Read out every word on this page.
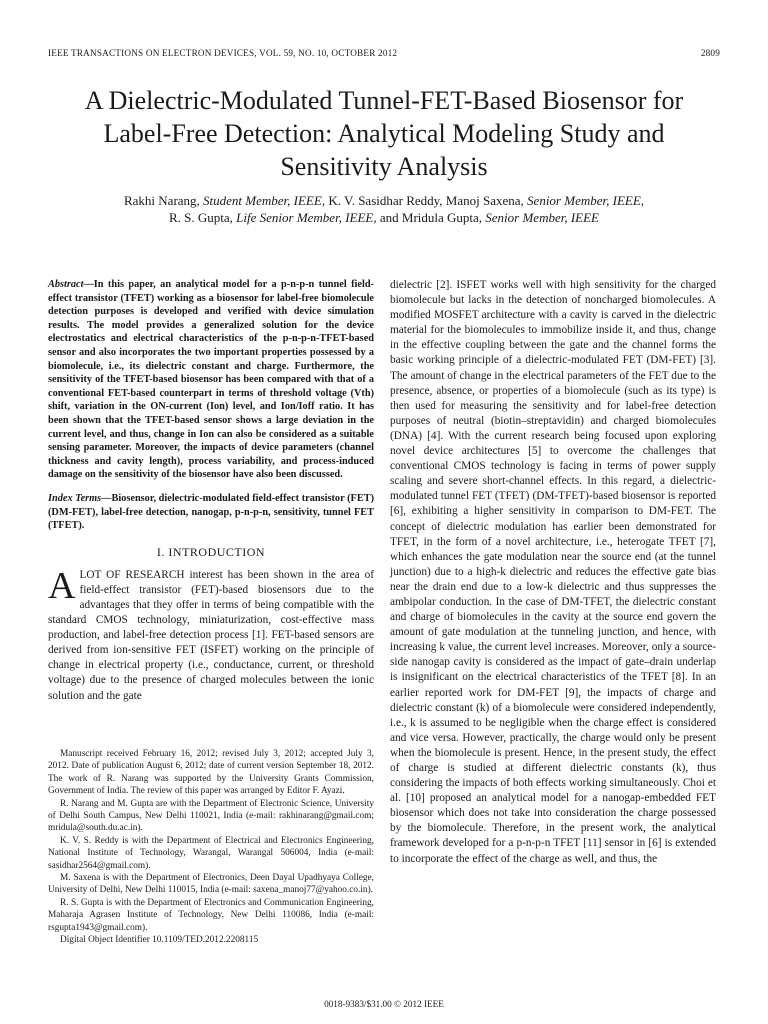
IEEE TRANSACTIONS ON ELECTRON DEVICES, VOL. 59, NO. 10, OCTOBER 2012	2809
A Dielectric-Modulated Tunnel-FET-Based Biosensor for Label-Free Detection: Analytical Modeling Study and Sensitivity Analysis
Rakhi Narang, Student Member, IEEE, K. V. Sasidhar Reddy, Manoj Saxena, Senior Member, IEEE,
R. S. Gupta, Life Senior Member, IEEE, and Mridula Gupta, Senior Member, IEEE

Abstract—In this paper, an analytical model for a p-n-p-n tunnel field-effect transistor (TFET) working as a biosensor for label-free biomolecule detection purposes is developed and verified with device simulation results. The model provides a generalized solution for the device electrostatics and electrical characteristics of the p-n-p-n-TFET-based sensor and also incorporates the two important properties possessed by a biomolecule, i.e., its dielectric constant and charge. Furthermore, the sensitivity of the TFET-based biosensor has been compared with that of a conventional FET-based counterpart in terms of threshold voltage (Vth) shift, variation in the ON-current (Ion) level, and Ion/Ioff ratio. It has been shown that the TFET-based sensor shows a large deviation in the current level, and thus, change in Ion can also be considered as a suitable sensing parameter. Moreover, the impacts of device parameters (channel thickness and cavity length), process variability, and process-induced damage on the sensitivity of the biosensor have also been discussed.

Index Terms—Biosensor, dielectric-modulated field-effect transistor (FET) (DM-FET), label-free detection, nanogap, p-n-p-n, sensitivity, tunnel FET (TFET).

I. INTRODUCTION

ALOT OF RESEARCH interest has been shown in the area of field-effect transistor (FET)-based biosensors due to the advantages that they offer in terms of being compatible with the standard CMOS technology, miniaturization, cost-effective mass production, and label-free detection process [1]. FET-based sensors are derived from ion-sensitive FET (ISFET) working on the principle of change in electrical property (i.e., conductance, current, or threshold voltage) due to the presence of charged molecules between the ionic solution and the gate

Manuscript received February 16, 2012; revised July 3, 2012; accepted July 3, 2012. Date of publication August 6, 2012; date of current version September 18, 2012. The work of R. Narang was supported by the University Grants Commission, Government of India. The review of this paper was arranged by Editor F. Ayazi.

R. Narang and M. Gupta are with the Department of Electronic Science, University of Delhi South Campus, New Delhi 110021, India (e-mail: rakhinarang@gmail.com; mridula@south.du.ac.in).

K. V. S. Reddy is with the Department of Electrical and Electronics Engineering, National Institute of Technology, Warangal, Warangal 506004, India (e-mail: sasidhar2564@gmail.com).

M. Saxena is with the Department of Electronics, Deen Dayal Upadhyaya College, University of Delhi, New Delhi 110015, India (e-mail: saxena_manoj77@yahoo.co.in).

R. S. Gupta is with the Department of Electronics and Communication Engineering, Maharaja Agrasen Institute of Technology, New Delhi 110086, India (e-mail: rsgupta1943@gmail.com).

Digital Object Identifier 10.1109/TED.2012.2208115

dielectric [2]. ISFET works well with high sensitivity for the charged biomolecule but lacks in the detection of noncharged biomolecules. A modified MOSFET architecture with a cavity is carved in the dielectric material for the biomolecules to immobilize inside it, and thus, change in the effective coupling between the gate and the channel forms the basic working principle of a dielectric-modulated FET (DM-FET) [3]. The amount of change in the electrical parameters of the FET due to the presence, absence, or properties of a biomolecule (such as its type) is then used for measuring the sensitivity and for label-free detection purposes of neutral (biotin–streptavidin) and charged biomolecules (DNA) [4]. With the current research being focused upon exploring novel device architectures [5] to overcome the challenges that conventional CMOS technology is facing in terms of power supply scaling and severe short-channel effects. In this regard, a dielectric-modulated tunnel FET (TFET) (DM-TFET)-based biosensor is reported [6], exhibiting a higher sensitivity in comparison to DM-FET. The concept of dielectric modulation has earlier been demonstrated for TFET, in the form of a novel architecture, i.e., heterogate TFET [7], which enhances the gate modulation near the source end (at the tunnel junction) due to a high-k dielectric and reduces the effective gate bias near the drain end due to a low-k dielectric and thus suppresses the ambipolar conduction. In the case of DM-TFET, the dielectric constant and charge of biomolecules in the cavity at the source end govern the amount of gate modulation at the tunneling junction, and hence, with increasing k value, the current level increases. Moreover, only a source-side nanogap cavity is considered as the impact of gate–drain underlap is insignificant on the electrical characteristics of the TFET [8]. In an earlier reported work for DM-FET [9], the impacts of charge and dielectric constant (k) of a biomolecule were considered independently, i.e., k is assumed to be negligible when the charge effect is considered and vice versa. However, practically, the charge would only be present when the biomolecule is present. Hence, in the present study, the effect of charge is studied at different dielectric constants (k), thus considering the impacts of both effects working simultaneously. Choi et al. [10] proposed an analytical model for a nanogap-embedded FET biosensor which does not take into consideration the charge possessed by the biomolecule. Therefore, in the present work, the analytical framework developed for a p-n-p-n TFET [11] sensor in [6] is extended to incorporate the effect of the charge as well, and thus, the

0018-9383/$31.00 © 2012 IEEE
